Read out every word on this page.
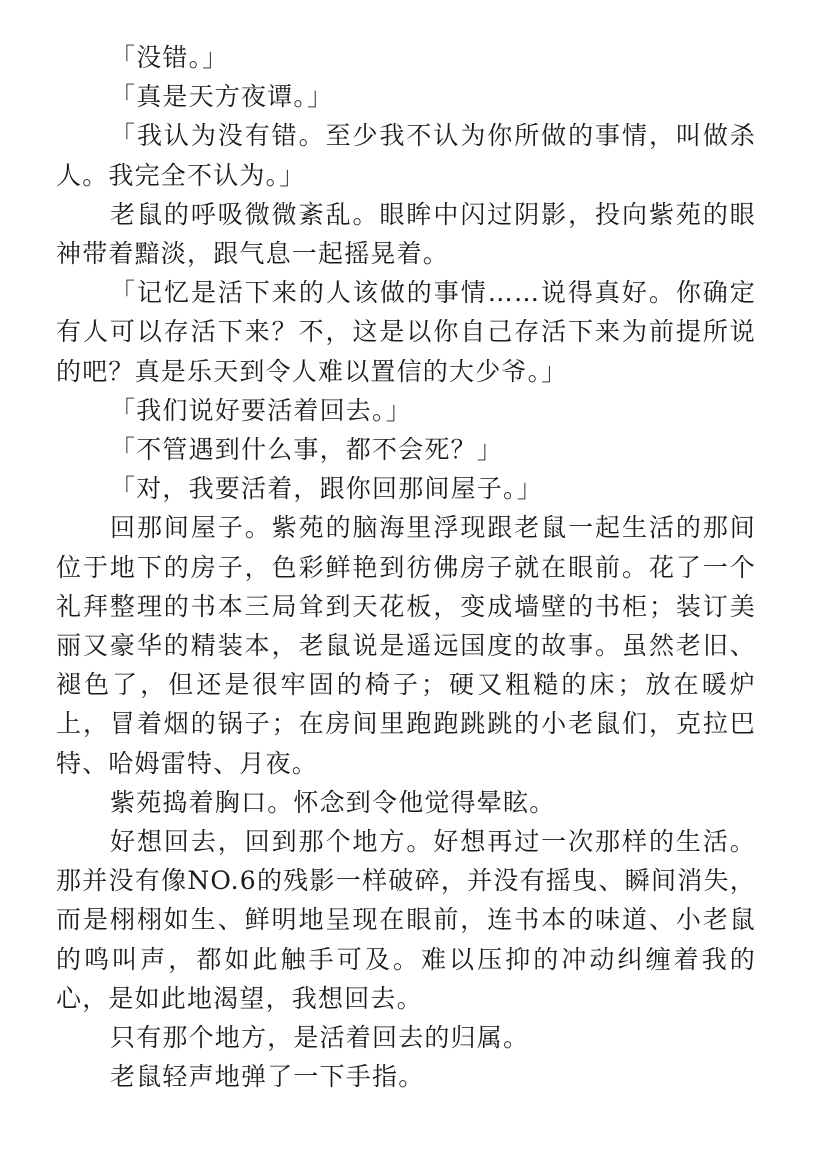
「没错。」

「真是天方夜谭。」

「我认为没有错。至少我不认为你所做的事情，叫做杀人。我完全不认为。」

老鼠的呼吸微微紊乱。眼眸中闪过阴影，投向紫苑的眼神带着黯淡，跟气息一起摇晃着。

「记忆是活下来的人该做的事情……说得真好。你确定有人可以存活下来？不，这是以你自己存活下来为前提所说的吧？真是乐天到令人难以置信的大少爷。」

「我们说好要活着回去。」

「不管遇到什么事，都不会死？」

「对，我要活着，跟你回那间屋子。」

回那间屋子。紫苑的脑海里浮现跟老鼠一起生活的那间位于地下的房子，色彩鲜艳到彷佛房子就在眼前。花了一个礼拜整理的书本三局耸到天花板，变成墙壁的书柜；装订美丽又豪华的精装本，老鼠说是遥远国度的故事。虽然老旧、褪色了，但还是很牢固的椅子；硬又粗糙的床；放在暖炉上，冒着烟的锅子；在房间里跑跑跳跳的小老鼠们，克拉巴特、哈姆雷特、月夜。

紫苑捣着胸口。怀念到令他觉得晕眩。

好想回去，回到那个地方。好想再过一次那样的生活。那并没有像NO.6的残影一样破碎，并没有摇曳、瞬间消失，而是栩栩如生、鲜明地呈现在眼前，连书本的味道、小老鼠的鸣叫声，都如此触手可及。难以压抑的冲动纠缠着我的心，是如此地渴望，我想回去。

只有那个地方，是活着回去的归属。

老鼠轻声地弹了一下手指。
